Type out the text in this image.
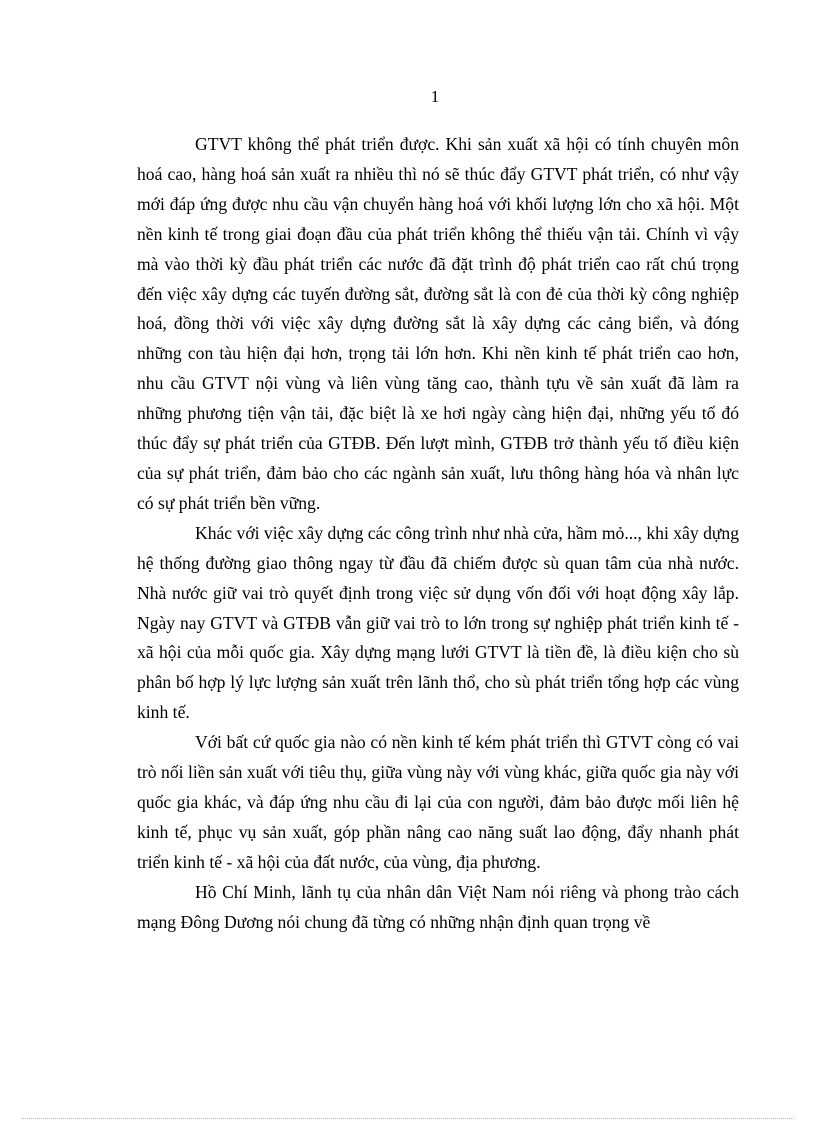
1

GTVT không thể phát triển được. Khi sản xuất xã hội có tính chuyên môn hoá cao, hàng hoá sản xuất ra nhiều thì nó sẽ thúc đẩy GTVT phát triển, có như vậy mới đáp ứng được nhu cầu vận chuyển hàng hoá với khối lượng lớn cho xã hội. Một nền kinh tế trong giai đoạn đầu của phát triển không thể thiếu vận tải. Chính vì vậy mà vào thời kỳ đầu phát triển các nước đã đặt trình độ phát triển cao rất chú trọng đến việc xây dựng các tuyến đường sắt, đường sắt là con đẻ của thời kỳ công nghiệp hoá, đồng thời với việc xây dựng đường sắt là xây dựng các cảng biển, và đóng những con tàu hiện đại hơn, trọng tải lớn hơn. Khi nền kinh tế phát triển cao hơn, nhu cầu GTVT nội vùng và liên vùng tăng cao, thành tựu về sản xuất đã làm ra những phương tiện vận tải, đặc biệt là xe hơi ngày càng hiện đại, những yếu tố đó thúc đẩy sự phát triển của GTĐB. Đến lượt mình, GTĐB trở thành yếu tố điều kiện của sự phát triển, đảm bảo cho các ngành sản xuất, lưu thông hàng hóa và nhân lực có sự phát triển bền vững.

Khác với việc xây dựng các công trình như nhà cửa, hầm mỏ..., khi xây dựng hệ thống đường giao thông ngay từ đầu đã chiếm được sù quan tâm của nhà nước. Nhà nước giữ vai trò quyết định trong việc sử dụng vốn đối với hoạt động xây lắp. Ngày nay GTVT và GTĐB vẫn giữ vai trò to lớn trong sự nghiệp phát triển kinh tế - xã hội của mỗi quốc gia. Xây dựng mạng lưới GTVT là tiền đề, là điều kiện cho sù phân bố hợp lý lực lượng sản xuất trên lãnh thổ, cho sù phát triển tổng hợp các vùng kinh tế.

Với bất cứ quốc gia nào có nền kinh tế kém phát triển thì GTVT còng có vai trò nối liền sản xuất với tiêu thụ, giữa vùng này với vùng khác, giữa quốc gia này với quốc gia khác, và đáp ứng nhu cầu đi lại của con người, đảm bảo được mối liên hệ kinh tế, phục vụ sản xuất, góp phần nâng cao năng suất lao động, đẩy nhanh phát triển kinh tế - xã hội của đất nước, của vùng, địa phương.

Hồ Chí Minh, lãnh tụ của nhân dân Việt Nam nói riêng và phong trào cách mạng Đông Dương nói chung đã từng có những nhận định quan trọng về
